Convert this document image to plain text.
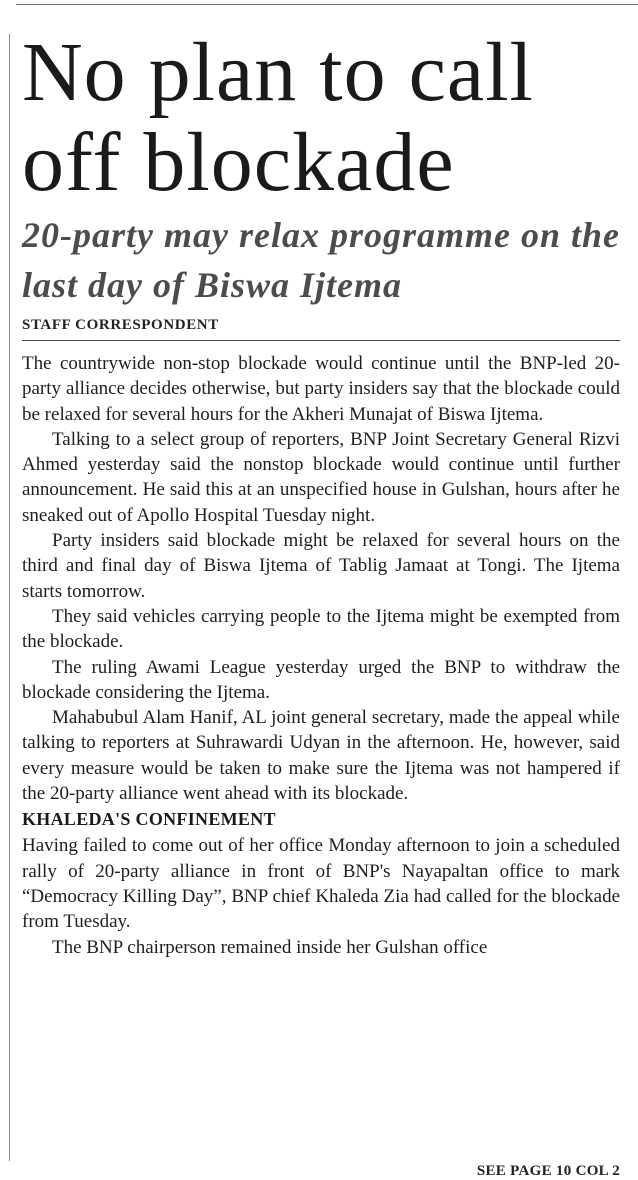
No plan to call off blockade
20-party may relax programme on the last day of Biswa Ijtema
STAFF CORRESPONDENT

The countrywide non-stop blockade would continue until the BNP-led 20-party alliance decides otherwise, but party insiders say that the blockade could be relaxed for several hours for the Akheri Munajat of Biswa Ijtema.

Talking to a select group of reporters, BNP Joint Secretary General Rizvi Ahmed yesterday said the nonstop blockade would continue until further announcement. He said this at an unspecified house in Gulshan, hours after he sneaked out of Apollo Hospital Tuesday night.

Party insiders said blockade might be relaxed for several hours on the third and final day of Biswa Ijtema of Tablig Jamaat at Tongi. The Ijtema starts tomorrow.

They said vehicles carrying people to the Ijtema might be exempted from the blockade.

The ruling Awami League yesterday urged the BNP to withdraw the blockade considering the Ijtema.

Mahabubul Alam Hanif, AL joint general secretary, made the appeal while talking to reporters at Suhrawardi Udyan in the afternoon. He, however, said every measure would be taken to make sure the Ijtema was not hampered if the 20-party alliance went ahead with its blockade.

KHALEDA'S CONFINEMENT

Having failed to come out of her office Monday afternoon to join a scheduled rally of 20-party alliance in front of BNP's Nayapaltan office to mark “Democracy Killing Day”, BNP chief Khaleda Zia had called for the blockade from Tuesday.

The BNP chairperson remained inside her Gulshan office

SEE PAGE 10 COL 2
